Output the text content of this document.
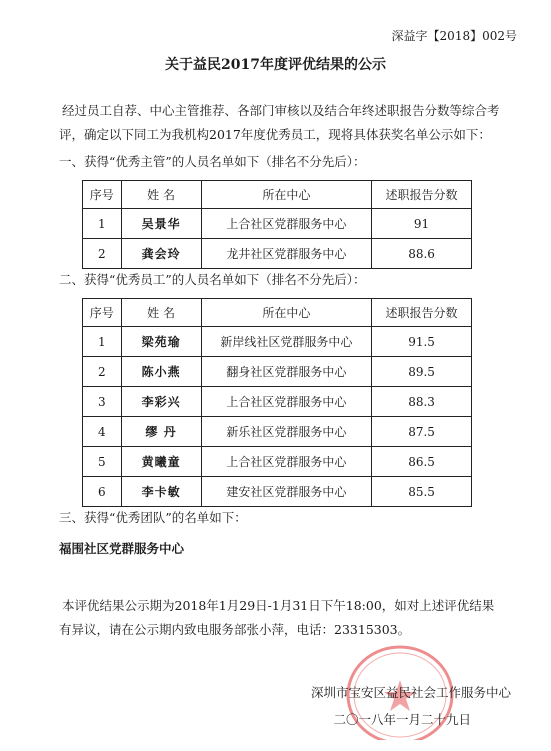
深益字【2018】002号
关于益民2017年度评优结果的公示
经过员工自荐、中心主管推荐、各部门审核以及结合年终述职报告分数等综合考
评，确定以下同工为我机构2017年度优秀员工，现将具体获奖名单公示如下：
一、获得“优秀主管”的人员名单如下（排名不分先后）：
序号	姓 名	所在中心	述职报告分数
1	吴景华	上合社区党群服务中心	91
2	龚会玲	龙井社区党群服务中心	88.6
二、获得“优秀员工”的人员名单如下（排名不分先后）：
序号	姓 名	所在中心	述职报告分数
1	梁苑瑜	新岸线社区党群服务中心	91.5
2	陈小燕	翻身社区党群服务中心	89.5
3	李彩兴	上合社区党群服务中心	88.3
4	缪 丹	新乐社区党群服务中心	87.5
5	黄曦童	上合社区党群服务中心	86.5
6	李卡敏	建安社区党群服务中心	85.5
三、获得“优秀团队”的名单如下：
福围社区党群服务中心
本评优结果公示期为2018年1月29日-1月31日下午18:00，如对上述评优结果
有异议，请在公示期内致电服务部张小萍，电话：23315303。
深圳市宝安区益民社会工作服务中心
二〇一八年一月二十九日
